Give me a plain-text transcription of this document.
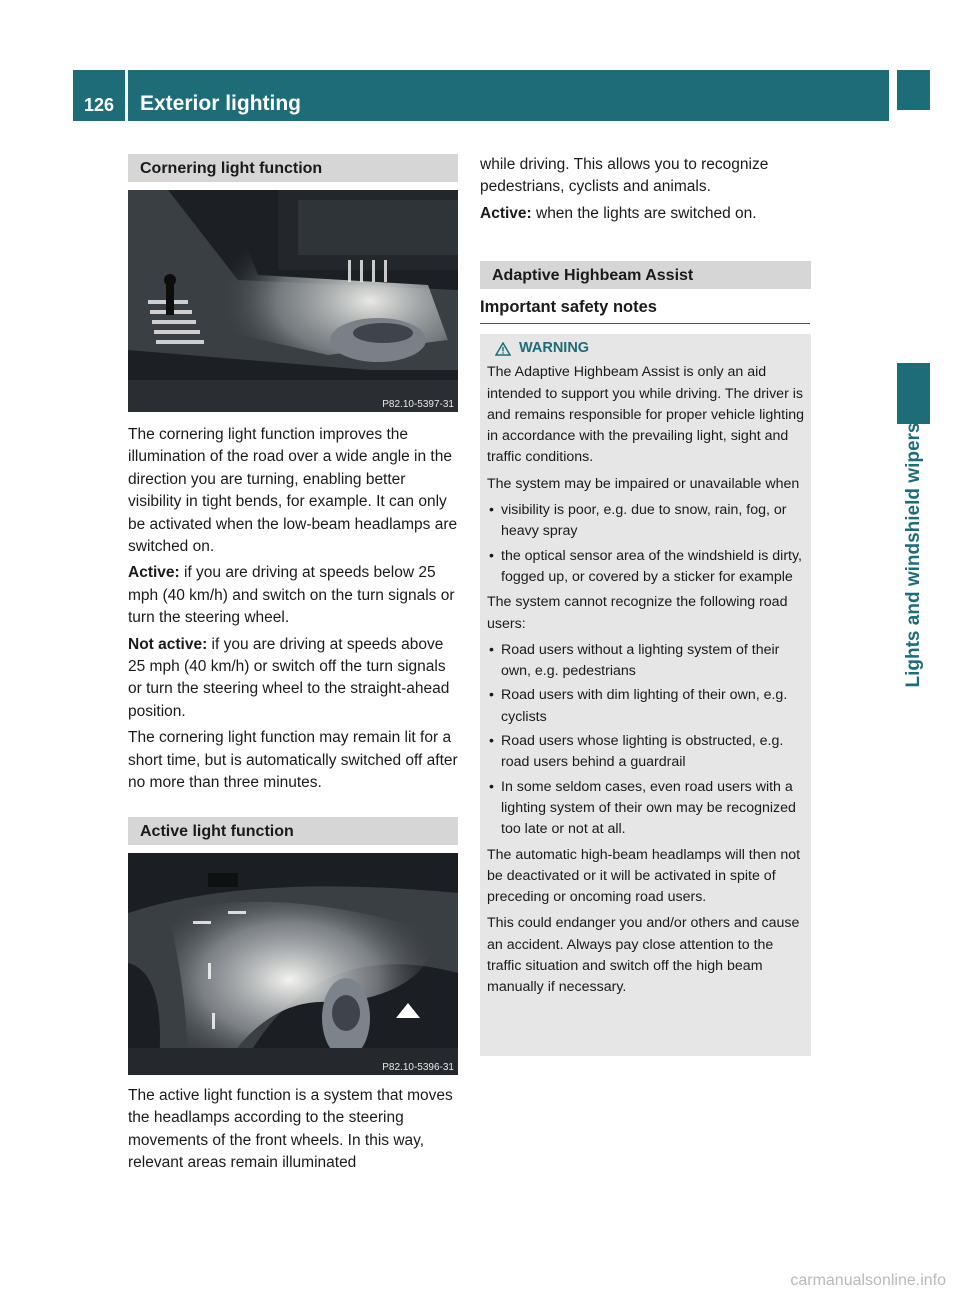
126	Exterior lighting
Lights and windshield wipers
Cornering light function
P82.10-5397-31

The cornering light function improves the illumination of the road over a wide angle in the direction you are turning, enabling better visibility in tight bends, for example. It can only be activated when the low-beam headlamps are switched on.

Active: if you are driving at speeds below 25 mph (40 km/h) and switch on the turn signals or turn the steering wheel.

Not active: if you are driving at speeds above 25 mph (40 km/h) or switch off the turn signals or turn the steering wheel to the straight-ahead position.

The cornering light function may remain lit for a short time, but is automatically switched off after no more than three minutes.

Active light function
P82.10-5396-31

The active light function is a system that moves the headlamps according to the steering movements of the front wheels. In this way, relevant areas remain illuminated

while driving. This allows you to recognize pedestrians, cyclists and animals.

Active: when the lights are switched on.

Adaptive Highbeam Assist
Important safety notes
WARNING

The Adaptive Highbeam Assist is only an aid intended to support you while driving. The driver is and remains responsible for proper vehicle lighting in accordance with the prevailing light, sight and traffic conditions.

The system may be impaired or unavailable when

• visibility is poor, e.g. due to snow, rain, fog, or heavy spray
• the optical sensor area of the windshield is dirty, fogged up, or covered by a sticker for example

The system cannot recognize the following road users:

• Road users without a lighting system of their own, e.g. pedestrians
• Road users with dim lighting of their own, e.g. cyclists
• Road users whose lighting is obstructed, e.g. road users behind a guardrail
• In some seldom cases, even road users with a lighting system of their own may be recognized too late or not at all.

The automatic high-beam headlamps will then not be deactivated or it will be activated in spite of preceding or oncoming road users.

This could endanger you and/or others and cause an accident. Always pay close attention to the traffic situation and switch off the high beam manually if necessary.

carmanualsonline.info
